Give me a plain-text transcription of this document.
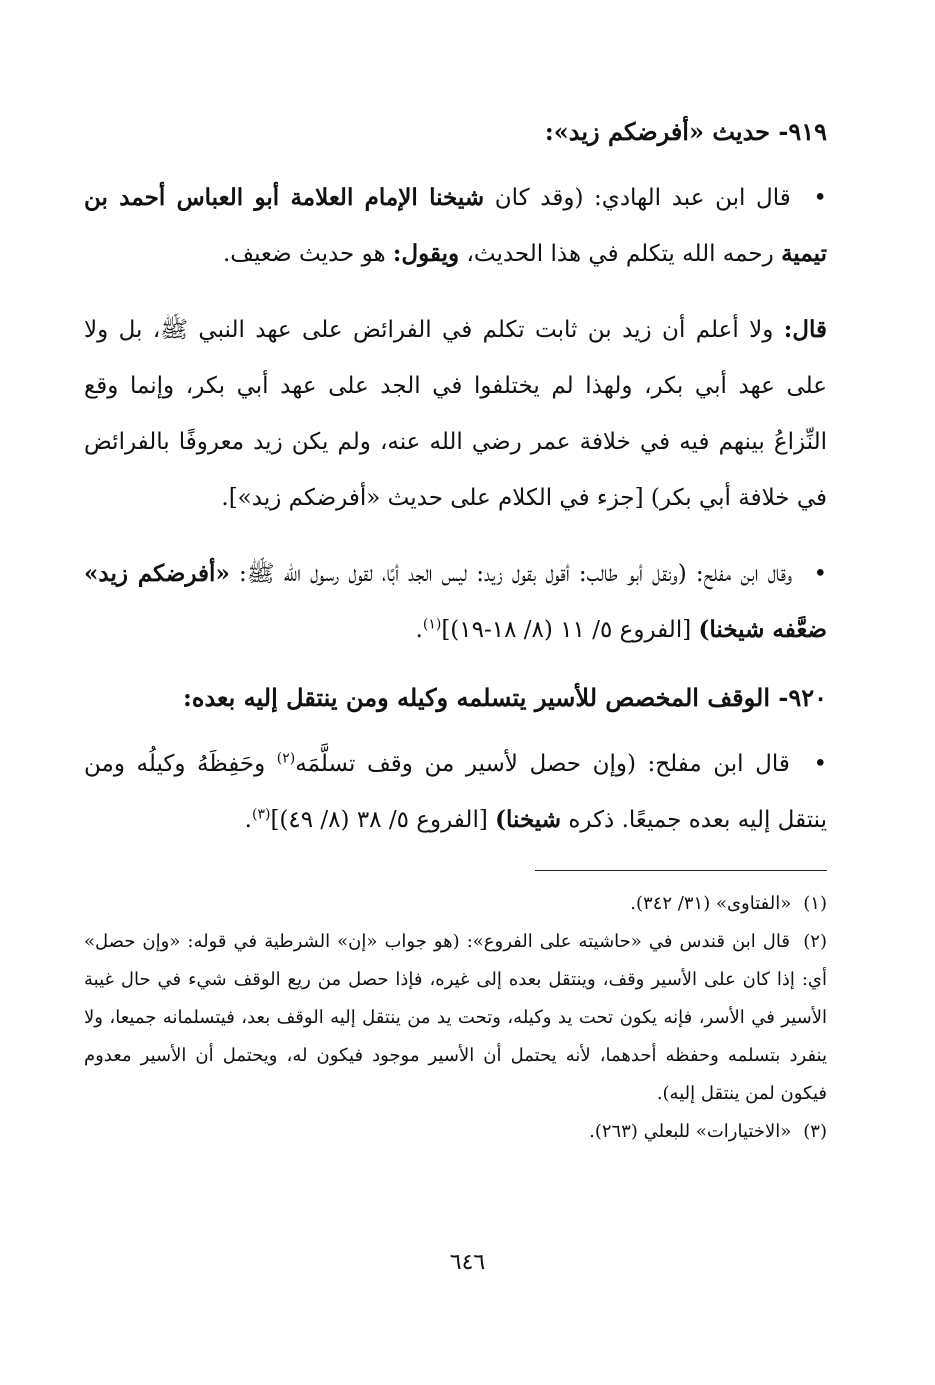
٩١٩- حديث «أفرضكم زيد»:

• قال ابن عبد الهادي: (وقد كان شيخنا الإمام العلامة أبو العباس أحمد بن تيمية رحمه الله يتكلم في هذا الحديث، ويقول: هو حديث ضعيف.

قال: ولا أعلم أن زيد بن ثابت تكلم في الفرائض على عهد النبي ﷺ، بل ولا على عهد أبي بكر، ولهذا لم يختلفوا في الجد على عهد أبي بكر، وإنما وقع النِّزاعُ بينهم فيه في خلافة عمر رضي الله عنه، ولم يكن زيد معروفًا بالفرائض في خلافة أبي بكر) [جزء في الكلام على حديث «أفرضكم زيد»].

• وقال ابن مفلح: (ونقل أبو طالب: أقول بقول زيد: ليس الجد أبًا، لقول رسول الله ﷺ: «أفرضكم زيد» ضعَّفه شيخنا) [الفروع ٥/ ١١ (٨/ ١٨-١٩)]$^{(١)}$.

٩٢٠- الوقف المخصص للأسير يتسلمه وكيله ومن ينتقل إليه بعده:

• قال ابن مفلح: (وإن حصل لأسير من وقف تسلَّمَه$^{(٢)}$ وحَفِظَهُ وكيلُه ومن ينتقل إليه بعده جميعًا. ذكره شيخنا) [الفروع ٥/ ٣٨ (٨/ ٤٩)]$^{(٣)}$.

(١) «الفتاوى» (٣١/ ٣٤٢).

(٢) قال ابن قندس في «حاشيته على الفروع»: (هو جواب «إن» الشرطية في قوله: «وإن حصل» أي: إذا كان على الأسير وقف، وينتقل بعده إلى غيره، فإذا حصل من ريع الوقف شيء في حال غيبة الأسير في الأسر، فإنه يكون تحت يد وكيله، وتحت يد من ينتقل إليه الوقف بعد، فيتسلمانه جميعا، ولا ينفرد بتسلمه وحفظه أحدهما، لأنه يحتمل أن الأسير موجود فيكون له، ويحتمل أن الأسير معدوم فيكون لمن ينتقل إليه).

(٣) «الاختيارات» للبعلي (٢٦٣).

٦٤٦
